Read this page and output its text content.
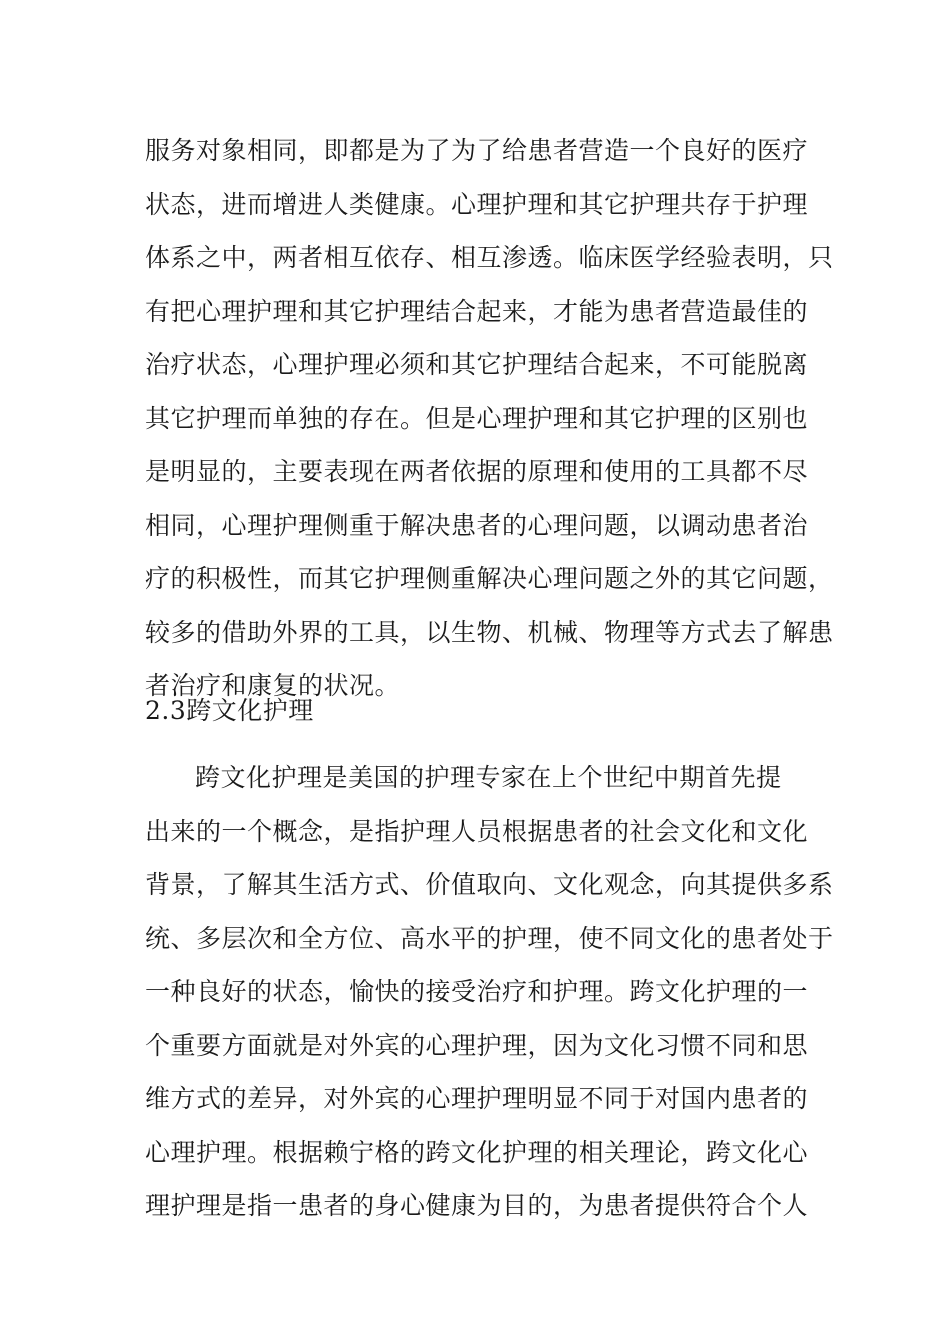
服务对象相同，即都是为了为了给患者营造一个良好的医疗
状态，进而增进人类健康。心理护理和其它护理共存于护理
体系之中，两者相互依存、相互渗透。临床医学经验表明，只
有把心理护理和其它护理结合起来，才能为患者营造最佳的
治疗状态，心理护理必须和其它护理结合起来，不可能脱离
其它护理而单独的存在。但是心理护理和其它护理的区别也
是明显的，主要表现在两者依据的原理和使用的工具都不尽
相同，心理护理侧重于解决患者的心理问题，以调动患者治
疗的积极性，而其它护理侧重解决心理问题之外的其它问题，
较多的借助外界的工具，以生物、机械、物理等方式去了解患
者治疗和康复的状况。
2.3跨文化护理
跨文化护理是美国的护理专家在上个世纪中期首先提
出来的一个概念，是指护理人员根据患者的社会文化和文化
背景，了解其生活方式、价值取向、文化观念，向其提供多系
统、多层次和全方位、高水平的护理，使不同文化的患者处于
一种良好的状态，愉快的接受治疗和护理。跨文化护理的一
个重要方面就是对外宾的心理护理，因为文化习惯不同和思
维方式的差异，对外宾的心理护理明显不同于对国内患者的
心理护理。根据赖宁格的跨文化护理的相关理论，跨文化心
理护理是指一患者的身心健康为目的，为患者提供符合个人
